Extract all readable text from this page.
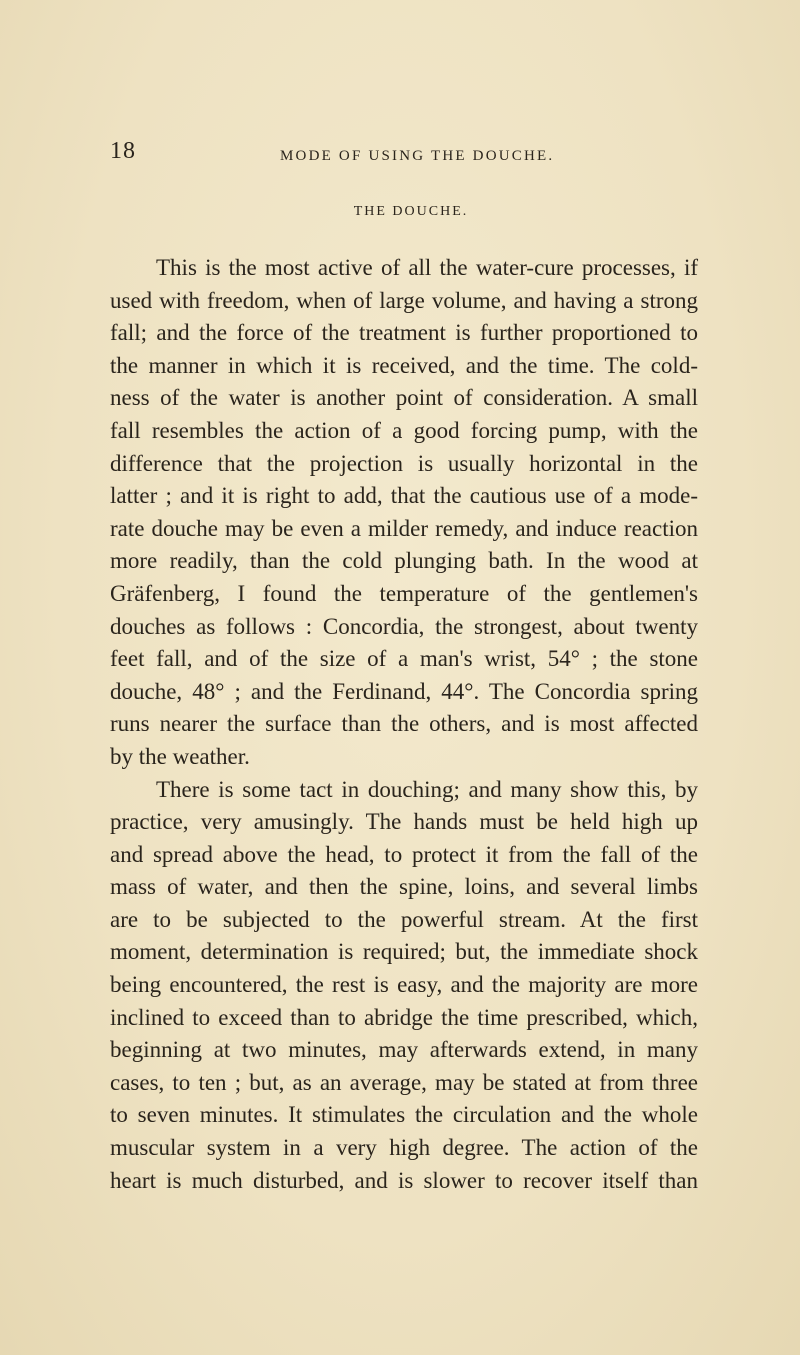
18	MODE OF USING THE DOUCHE.
THE DOUCHE.
This is the most active of all the water-cure processes, if
used with freedom, when of large volume, and having a strong
fall; and the force of the treatment is further proportioned to
the manner in which it is received, and the time. The cold-
ness of the water is another point of consideration. A small
fall resembles the action of a good forcing pump, with the
difference that the projection is usually horizontal in the
latter ; and it is right to add, that the cautious use of a mode-
rate douche may be even a milder remedy, and induce reaction
more readily, than the cold plunging bath. In the wood at
Gräfenberg, I found the temperature of the gentlemen's
douches as follows : Concordia, the strongest, about twenty
feet fall, and of the size of a man's wrist, 54° ; the stone
douche, 48° ; and the Ferdinand, 44°. The Concordia spring
runs nearer the surface than the others, and is most affected
by the weather.
There is some tact in douching; and many show this, by
practice, very amusingly. The hands must be held high up
and spread above the head, to protect it from the fall of the
mass of water, and then the spine, loins, and several limbs
are to be subjected to the powerful stream. At the first
moment, determination is required; but, the immediate shock
being encountered, the rest is easy, and the majority are more
inclined to exceed than to abridge the time prescribed, which,
beginning at two minutes, may afterwards extend, in many
cases, to ten ; but, as an average, may be stated at from three
to seven minutes. It stimulates the circulation and the whole
muscular system in a very high degree. The action of the
heart is much disturbed, and is slower to recover itself than
